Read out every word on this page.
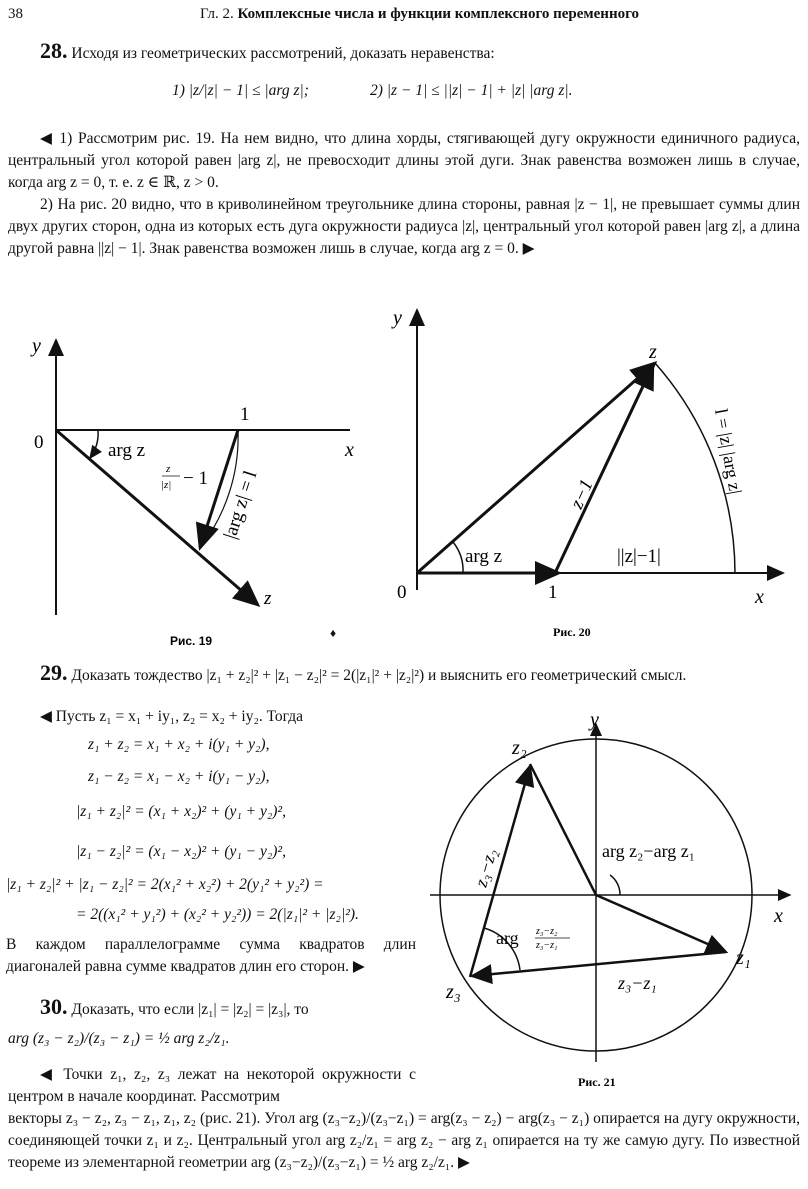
38	Гл. 2. Комплексные числа и функции комплексного переменного
28. Исходя из геометрических рассмотрений, доказать неравенства:
1) |z/|z| − 1| ≤ |arg z|;	2) |z − 1| ≤ ||z| − 1| + |z| |arg z|.
◀ 1) Рассмотрим рис. 19. На нем видно, что длина хорды, стягивающей дугу окружности единичного радиуса, центральный угол которой равен |arg z|, не превосходит длины этой дуги. Знак равенства возможен лишь в случае, когда arg z = 0, т. е. z ∈ ℝ, z > 0.
2) На рис. 20 видно, что в криволинейном треугольнике длина стороны, равная |z − 1|, не превышает суммы длин двух других сторон, одна из которых есть дуга окружности радиуса |z|, центральный угол которой равен |arg z|, а длина другой равна ||z| − 1|. Знак равенства возможен лишь в случае, когда arg z = 0. ▶
y
x
0
1
arg z
z
z
|z| − 1 |arg z| = l
Рис. 19
y
x
0	1
z
arg z
z−1
||z|−1|
l = |z| |arg z|
Рис. 20
♦
29. Доказать тождество |z₁ + z₂|² + |z₁ − z₂|² = 2(|z₁|² + |z₂|²) и выяснить его геометрический смысл.
◀ Пусть z₁ = x₁ + iy₁, z₂ = x₂ + iy₂. Тогда
z₁ + z₂ = x₁ + x₂ + i(y₁ + y₂),
z₁ − z₂ = x₁ − x₂ + i(y₁ − y₂),
|z₁ + z₂|² = (x₁ + x₂)² + (y₁ + y₂)²,
|z₁ − z₂|² = (x₁ − x₂)² + (y₁ − y₂)²,
|z₁ + z₂|² + |z₁ − z₂|² = 2(x₁² + x₂²) + 2(y₁² + y₂²) =
= 2((x₁² + y₁²) + (x₂² + y₂²)) = 2(|z₁|² + |z₂|²).
В каждом параллелограмме сумма квадратов длин диагоналей равна сумме квадратов длин его сторон. ▶
y
x
z₂
z₁
z₃
z₃−z₂
z₃−z₁
arg z₂−arg z₁
arg z₃−z₂
z₃−z₁
Рис. 21
30. Доказать, что если |z₁| = |z₂| = |z₃|, то
arg (z₃ − z₂)/(z₃ − z₁) = ½ arg z₂/z₁.
◀ Точки z₁, z₂, z₃ лежат на некоторой окружности с центром в начале координат. Рассмотрим
векторы z₃ − z₂, z₃ − z₁, z₁, z₂ (рис. 21). Угол arg (z₃−z₂)/(z₃−z₁) = arg(z₃ − z₂) − arg(z₃ − z₁) опирается на дугу окружности, соединяющей точки z₁ и z₂. Центральный угол arg z₂/z₁ = arg z₂ − arg z₁ опирается на ту же самую дугу. По известной теореме из элементарной геометрии arg (z₃−z₂)/(z₃−z₁) = ½ arg z₂/z₁. ▶
